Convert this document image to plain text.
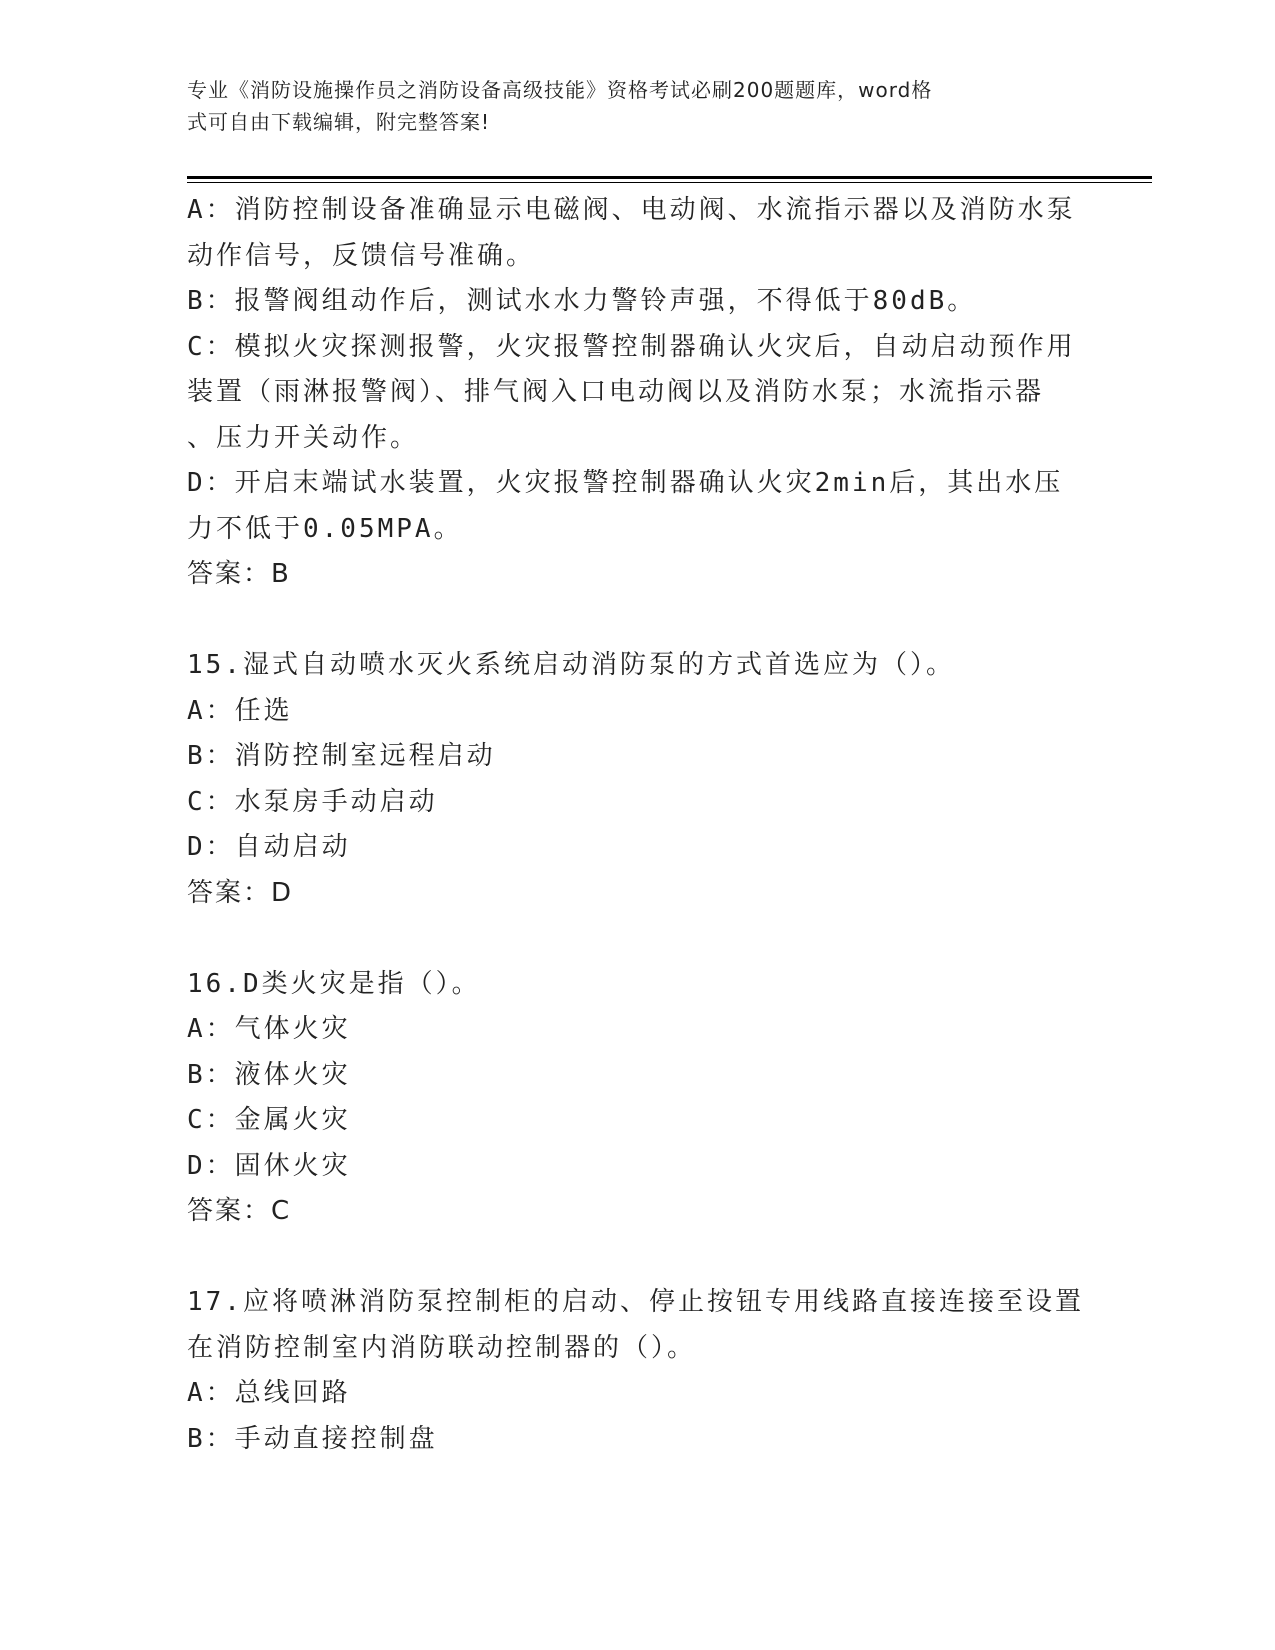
专业《消防设施操作员之消防设备高级技能》资格考试必刷200题题库，word格
式可自由下载编辑，附完整答案!
A：消防控制设备准确显示电磁阀、电动阀、水流指示器以及消防水泵
动作信号，反馈信号准确。
B：报警阀组动作后，测试水水力警铃声强，不得低于80dB。
C：模拟火灾探测报警，火灾报警控制器确认火灾后，自动启动预作用
装置（雨淋报警阀）、排气阀入口电动阀以及消防水泵；水流指示器
、压力开关动作。
D：开启末端试水装置，火灾报警控制器确认火灾2min后，其出水压
力不低于0.05MPA。
答案：B
15.湿式自动喷水灭火系统启动消防泵的方式首选应为（）。
A：任选
B：消防控制室远程启动
C：水泵房手动启动
D：自动启动
答案：D
16.D类火灾是指（）。
A：气体火灾
B：液体火灾
C：金属火灾
D：固休火灾
答案：C
17.应将喷淋消防泵控制柜的启动、停止按钮专用线路直接连接至设置
在消防控制室内消防联动控制器的（）。
A：总线回路
B：手动直接控制盘
